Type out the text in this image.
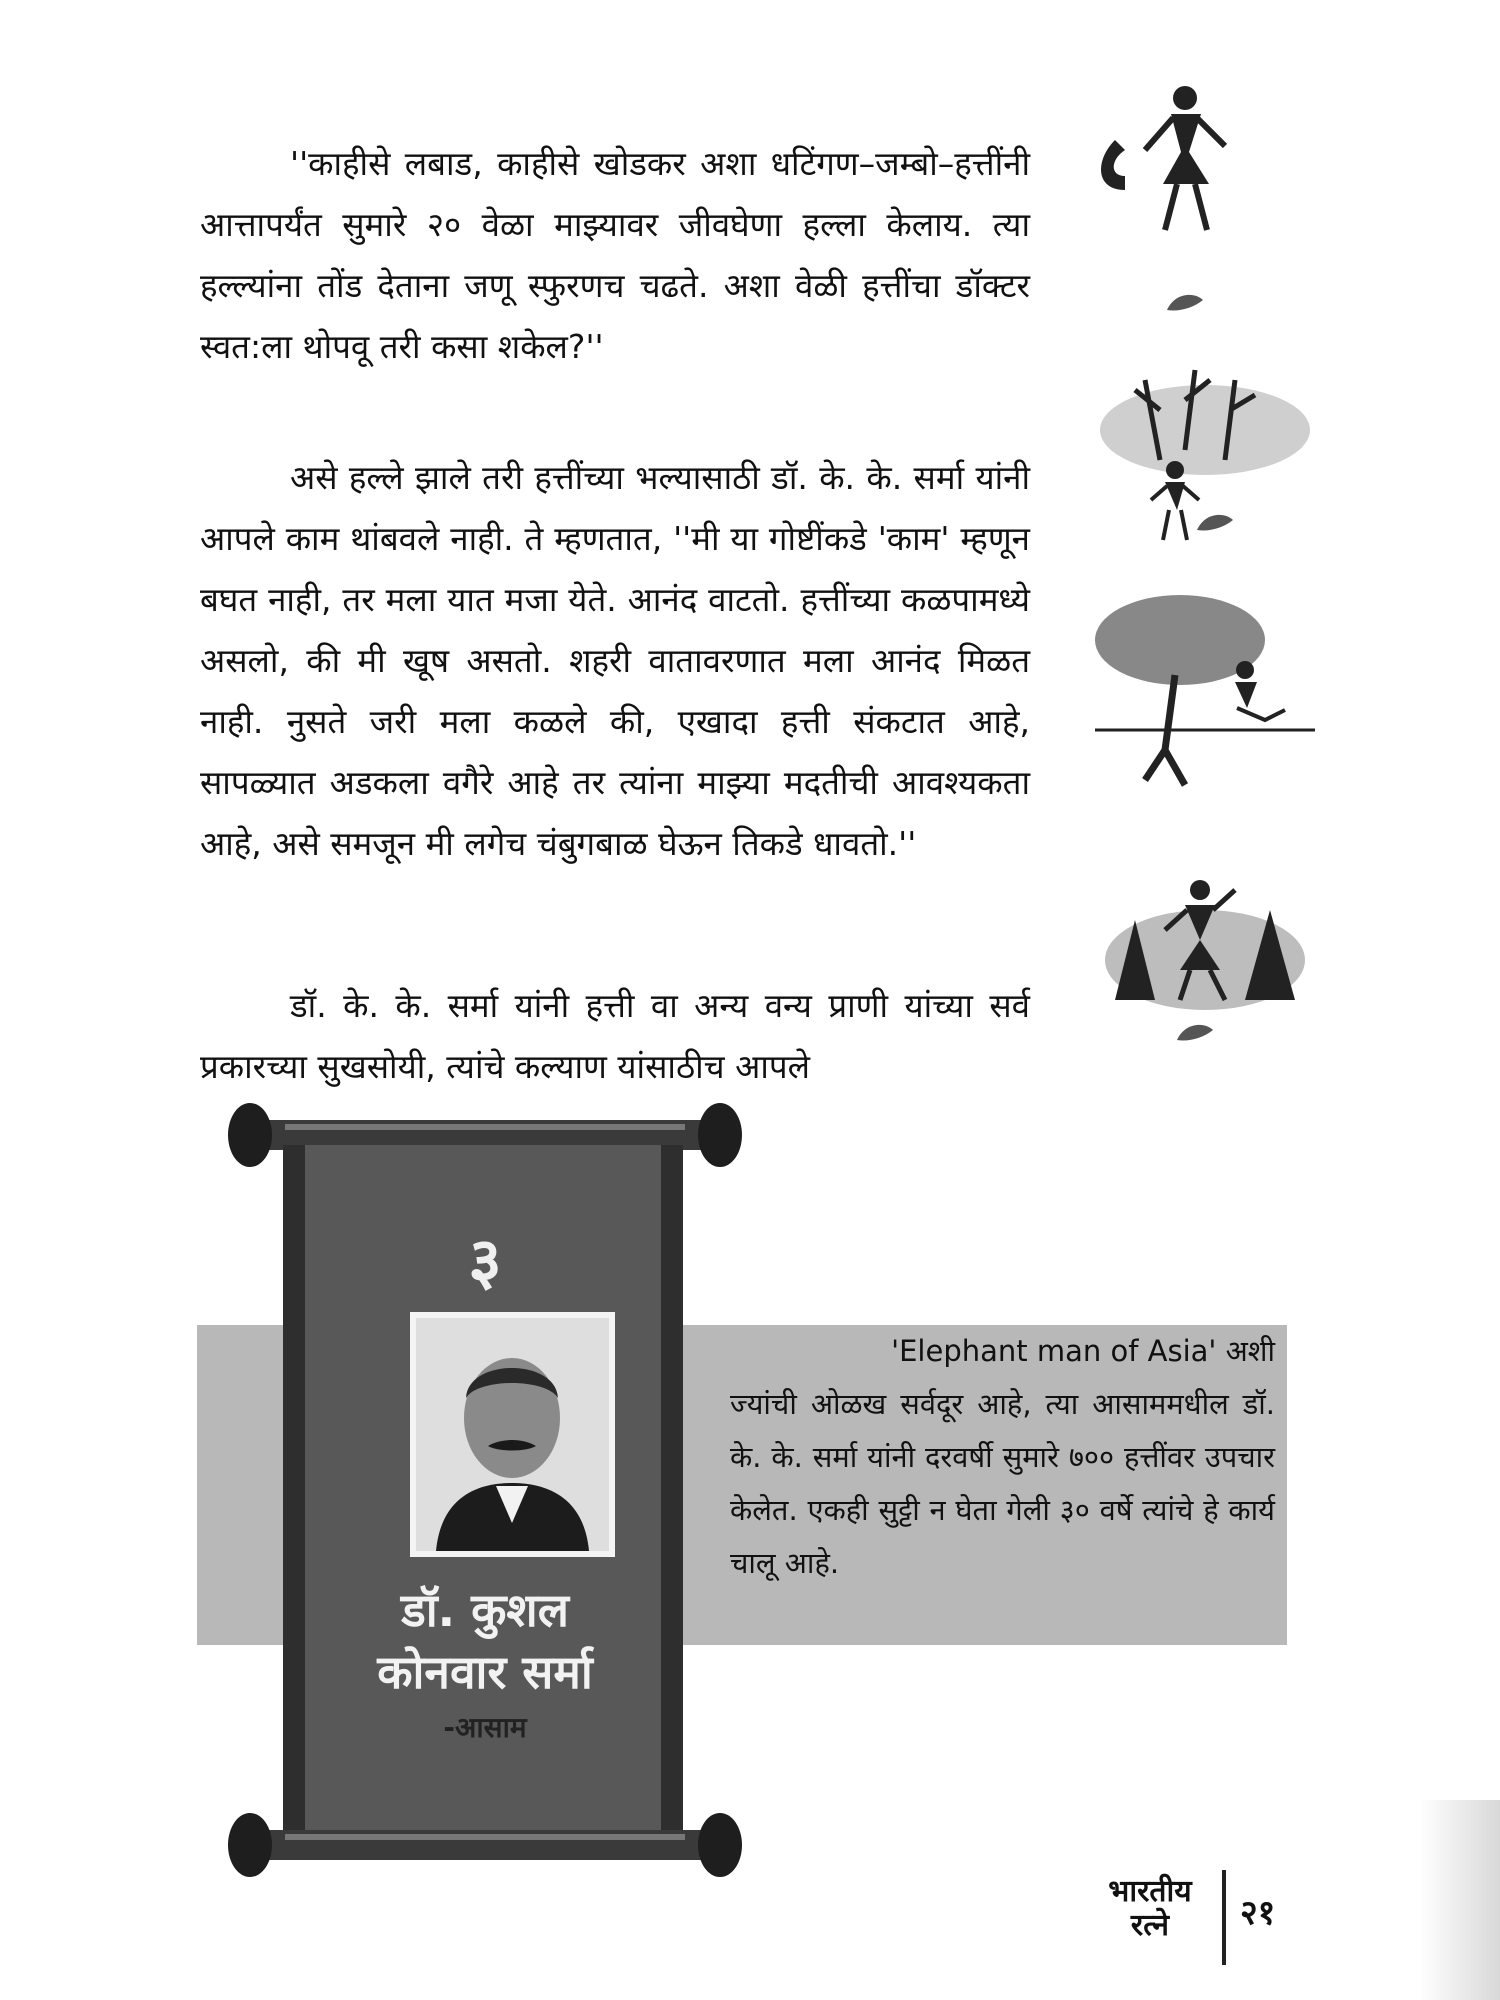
''काहीसे लबाड, काहीसे खोडकर अशा धटिंगण–जम्बो–हत्तींनी आत्तापर्यंत सुमारे २० वेळा माझ्यावर जीवघेणा हल्ला केलाय. त्या हल्ल्यांना तोंड देताना जणू स्फुरणच चढते. अशा वेळी हत्तींचा डॉक्टर स्वत:ला थोपवू तरी कसा शकेल?''

असे हल्ले झाले तरी हत्तींच्या भल्यासाठी डॉ. के. के. सर्मा यांनी आपले काम थांबवले नाही. ते म्हणतात, ''मी या गोष्टींकडे 'काम' म्हणून बघत नाही, तर मला यात मजा येते. आनंद वाटतो. हत्तींच्या कळपामध्ये असलो, की मी खूष असतो. शहरी वातावरणात मला आनंद मिळत नाही. नुसते जरी मला कळले की, एखादा हत्ती संकटात आहे, सापळ्यात अडकला वगैरे आहे तर त्यांना माझ्या मदतीची आवश्यकता आहे, असे समजून मी लगेच चंबुगबाळ घेऊन तिकडे धावतो.''

डॉ. के. के. सर्मा यांनी हत्ती वा अन्य वन्य प्राणी यांच्या सर्व प्रकारच्या सुखसोयी, त्यांचे कल्याण यांसाठीच आपले

'Elephant man of Asia' अशी
ज्यांची ओळख सर्वदूर आहे, त्या आसाममधील डॉ. के. के. सर्मा यांनी दरवर्षी सुमारे ७०० हत्तींवर उपचार केलेत. एकही सुट्टी न घेता गेली ३० वर्षे त्यांचे हे कार्य चालू आहे.

३
डॉ. कुशल
कोनवार सर्मा
-आसाम
भारतीय
रत्ने	२१
